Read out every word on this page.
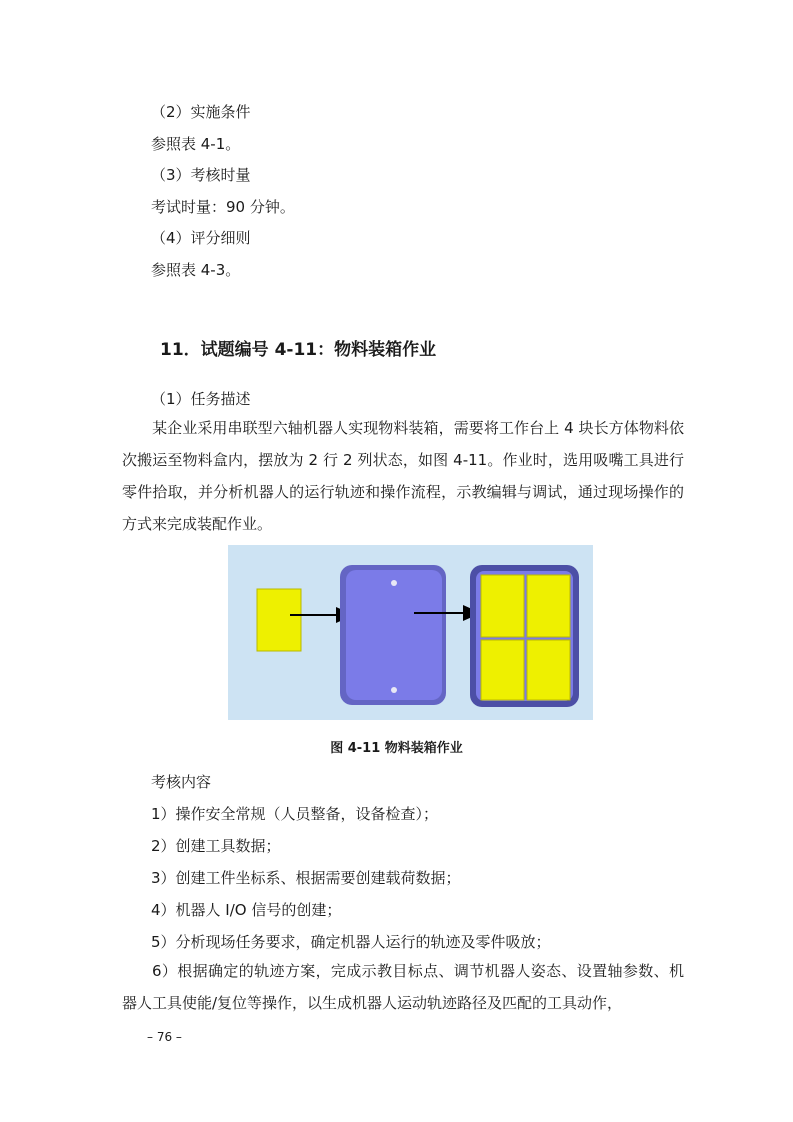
（2）实施条件
参照表 4-1。
（3）考核时量
考试时量：90 分钟。
（4）评分细则
参照表 4-3。
11．试题编号 4-11：物料装箱作业
（1）任务描述
某企业采用串联型六轴机器人实现物料装箱，需要将工作台上 4 块长方体物料依次搬运至物料盒内，摆放为 2 行 2 列状态，如图 4-11。作业时，选用吸嘴工具进行零件拾取，并分析机器人的运行轨迹和操作流程，示教编辑与调试，通过现场操作的方式来完成装配作业。
图 4-11 物料装箱作业
考核内容
1）操作安全常规（人员整备，设备检查）；
2）创建工具数据；
3）创建工件坐标系、根据需要创建载荷数据；
4）机器人 I/O 信号的创建；
5）分析现场任务要求，确定机器人运行的轨迹及零件吸放；
6）根据确定的轨迹方案，完成示教目标点、调节机器人姿态、设置轴参数、机器人工具使能/复位等操作，以生成机器人运动轨迹路径及匹配的工具动作，
– 76 –
